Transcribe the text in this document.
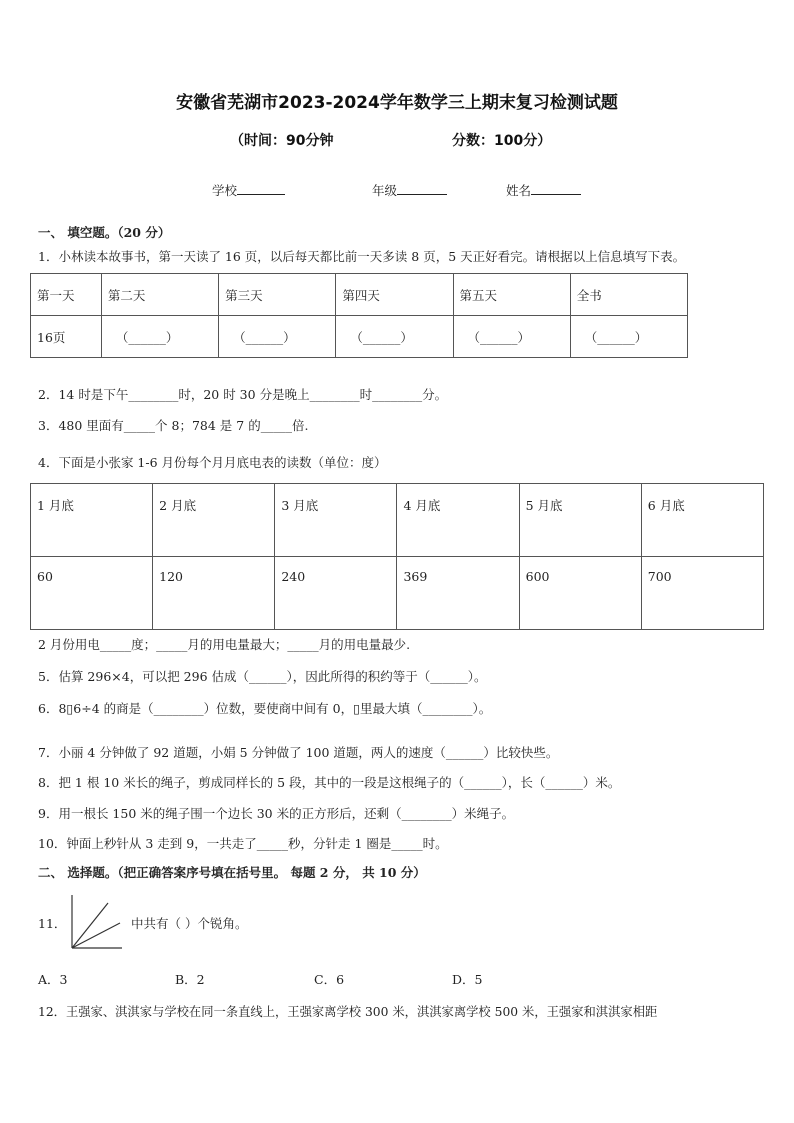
安徽省芜湖市2023-2024学年数学三上期末复习检测试题
（时间：90分钟	分数：100分）
学校	年级	姓名
一、 填空题。（20 分）
1．小林读本故事书，第一天读了 16 页，以后每天都比前一天多读 8 页，5 天正好看完。请根据以上信息填写下表。
第一天	第二天	第三天	第四天	第五天	全书
16页	（______）	（______）	（______）	（______）	（______）
2．14 时是下午________时，20 时 30 分是晚上________时________分。
3．480 里面有_____个 8；784 是 7 的_____倍.
4．下面是小张家 1-6 月份每个月月底电表的读数（单位：度）
1 月底	2 月底	3 月底	4 月底	5 月底	6 月底
60	120	240	369	600	700
2 月份用电_____度；_____月的用电量最大；_____月的用电量最少.
5．估算 296×4，可以把 296 估成（______），因此所得的积约等于（______）。
6．8▯6÷4 的商是（________）位数，要使商中间有 0，▯里最大填（________）。
7．小丽 4 分钟做了 92 道题，小娟 5 分钟做了 100 道题，两人的速度（______）比较快些。
8．把 1 根 10 米长的绳子，剪成同样长的 5 段，其中的一段是这根绳子的（______），长（______）米。
9．用一根长 150 米的绳子围一个边长 30 米的正方形后，还剩（________）米绳子。
10．钟面上秒针从 3 走到 9，一共走了_____秒，分针走 1 圈是_____时。
二、 选择题。（把正确答案序号填在括号里。 每题 2 分， 共 10 分）
11．	中共有（ ）个锐角。
A．3	B．2	C．6	D．5
12．王强家、淇淇家与学校在同一条直线上，王强家离学校 300 米，淇淇家离学校 500 米，王强家和淇淇家相距
